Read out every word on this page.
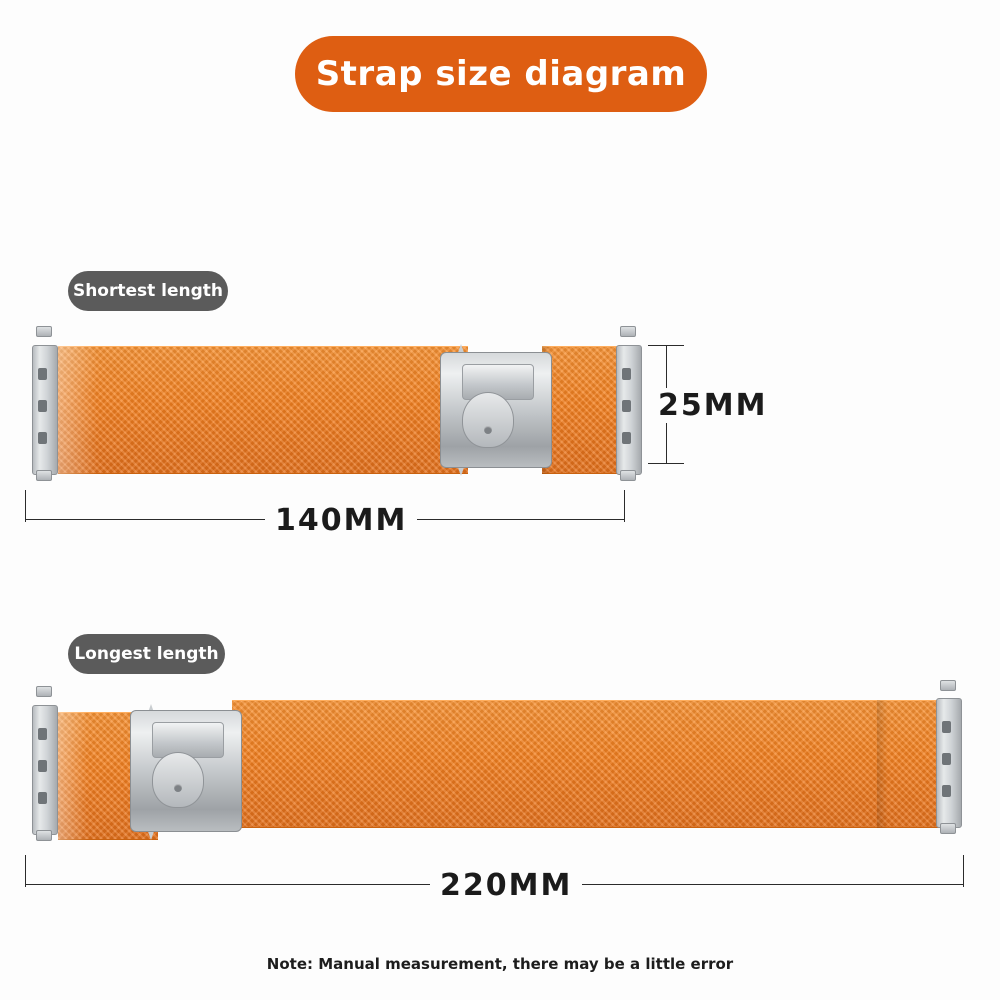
Strap size diagram
Shortest length
25MM
140MM
Longest length
220MM
Note: Manual measurement, there may be a little error
